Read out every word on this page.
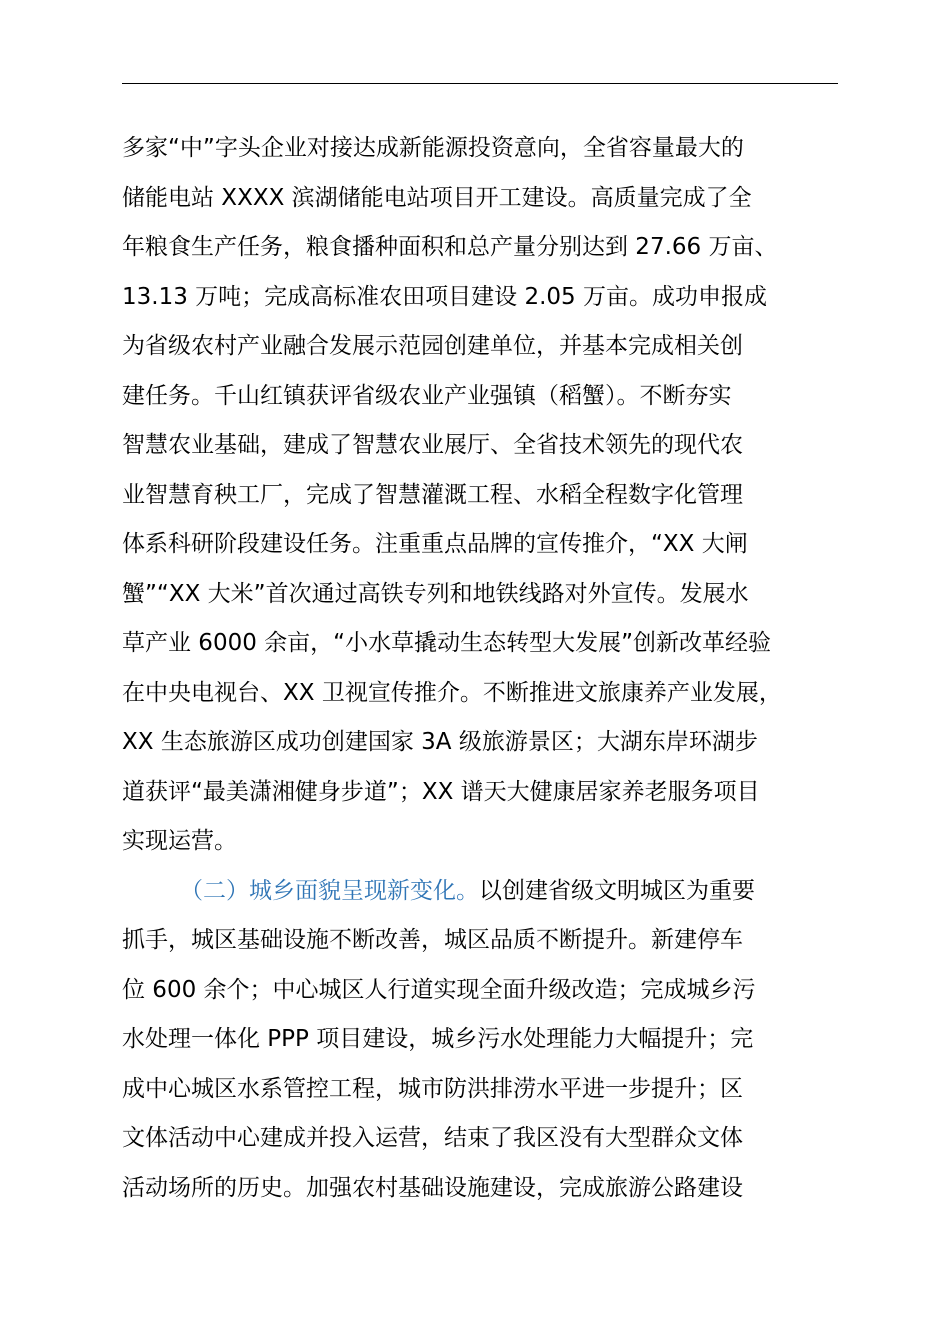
多家“中”字头企业对接达成新能源投资意向，全省容量最大的
储能电站 XXXX 滨湖储能电站项目开工建设。高质量完成了全
年粮食生产任务，粮食播种面积和总产量分别达到 27.66 万亩、
13.13 万吨；完成高标准农田项目建设 2.05 万亩。成功申报成
为省级农村产业融合发展示范园创建单位，并基本完成相关创
建任务。千山红镇获评省级农业产业强镇（稻蟹）。不断夯实
智慧农业基础，建成了智慧农业展厅、全省技术领先的现代农
业智慧育秧工厂，完成了智慧灌溉工程、水稻全程数字化管理
体系科研阶段建设任务。注重重点品牌的宣传推介，“XX 大闸
蟹”“XX 大米”首次通过高铁专列和地铁线路对外宣传。发展水
草产业 6000 余亩，“小水草撬动生态转型大发展”创新改革经验
在中央电视台、XX 卫视宣传推介。不断推进文旅康养产业发展，
XX 生态旅游区成功创建国家 3A 级旅游景区；大湖东岸环湖步
道获评“最美潇湘健身步道”；XX 谱天大健康居家养老服务项目
实现运营。
（二）城乡面貌呈现新变化。以创建省级文明城区为重要
抓手，城区基础设施不断改善，城区品质不断提升。新建停车
位 600 余个；中心城区人行道实现全面升级改造；完成城乡污
水处理一体化 PPP 项目建设，城乡污水处理能力大幅提升；完
成中心城区水系管控工程，城市防洪排涝水平进一步提升；区
文体活动中心建成并投入运营，结束了我区没有大型群众文体
活动场所的历史。加强农村基础设施建设，完成旅游公路建设
